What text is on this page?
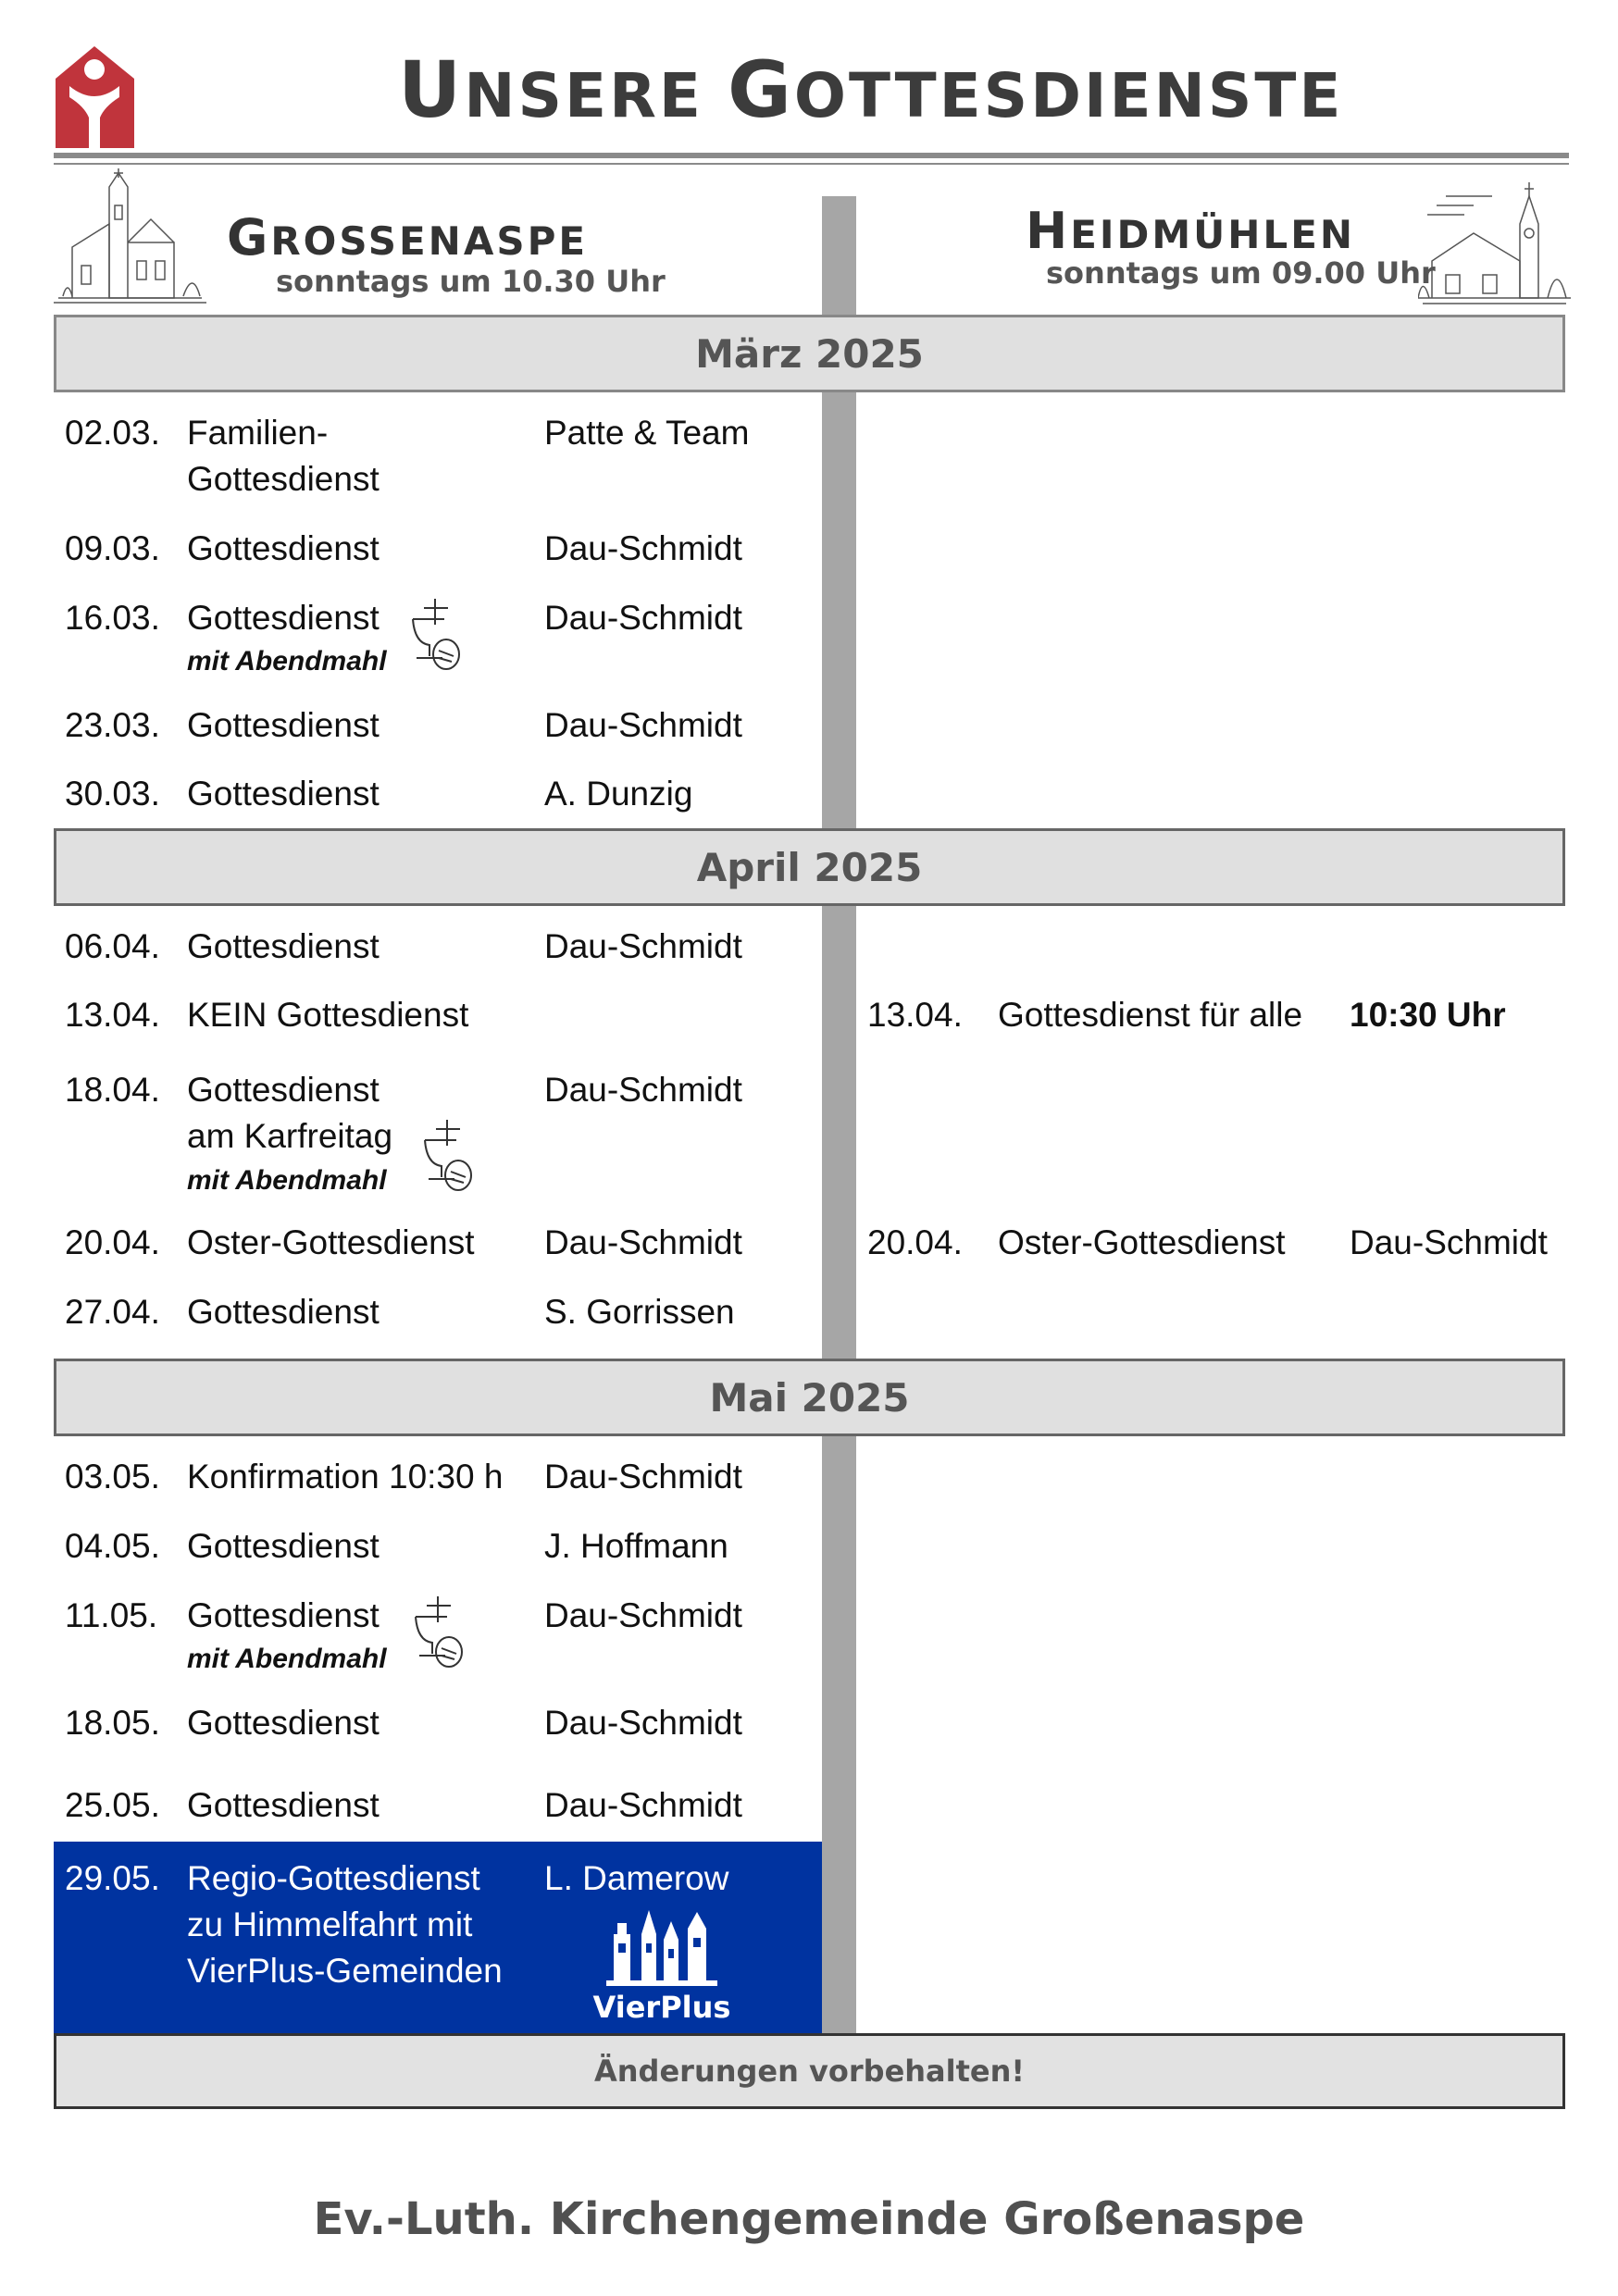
UNSERE GOTTESDIENSTE
GROSSENASPE
sonntags um 10.30 Uhr
HEIDMÜHLEN
sonntags um 09.00 Uhr
März 2025
April 2025
Mai 2025
02.03. Familien-
Gottesdienst
Patte & Team
09.03. Gottesdienst	Dau-Schmidt
16.03. Gottesdienst
mit Abendmahl
Dau-Schmidt
23.03. Gottesdienst	Dau-Schmidt
30.03. Gottesdienst	A. Dunzig
06.04. Gottesdienst	Dau-Schmidt
13.04. KEIN Gottesdienst
18.04. Gottesdienst
am Karfreitag
mit Abendmahl
Dau-Schmidt
20.04. Oster-Gottesdienst Dau-Schmidt
27.04. Gottesdienst	S. Gorrissen
13.04. Gottesdienst für alle 10:30 Uhr
20.04. Oster-Gottesdienst Dau-Schmidt
03.05. Konfirmation 10:30 h Dau-Schmidt
04.05. Gottesdienst	J. Hoffmann
11.05. Gottesdienst
mit Abendmahl
Dau-Schmidt
18.05. Gottesdienst	Dau-Schmidt
25.05. Gottesdienst	Dau-Schmidt
29.05. Regio-Gottesdienst
zu Himmelfahrt mit
VierPlus-Gemeinden
L. Damerow
VierPlus
Änderungen vorbehalten!
Ev.-Luth. Kirchengemeinde Großenaspe
